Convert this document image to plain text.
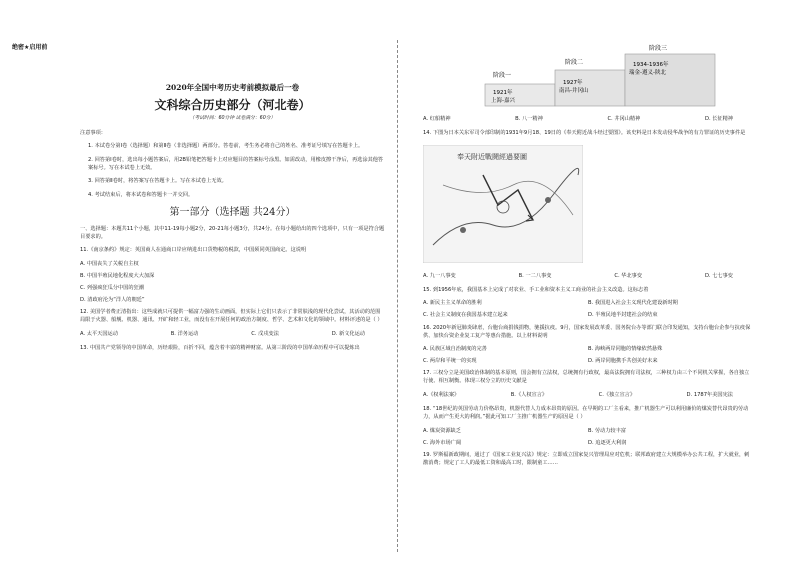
绝密★启用前
2020年全国中考历史考前模拟最后一卷
文科综合历史部分（河北卷）
（考试时间：60分钟 试卷满分：60分）
注意事项：
1. 本试卷分第Ⅰ卷（选择题）和第Ⅱ卷（非选择题）两部分。答卷前，考生务必将自己的姓名、准考证号填写在答题卡上。
2. 回答第Ⅰ卷时，选出每小题答案后，用2B铅笔把答题卡上对应题目的答案标号涂黑。如需改动，用橡皮擦干净后，再选涂其他答案标号。写在本试卷上无效。
3. 回答第Ⅱ卷时，将答案写在答题卡上。写在本试卷上无效。
4. 考试结束后，将本试卷和答题卡一并交回。
第一部分（选择题 共24分）
一、选择题：本题共11个小题，其中11-19每小题2分，20-21每小题3分，共24分。在每小题给出的四个选项中，只有一项是符合题目要求的。
11.《南京条约》规定：英国商人在通商口岸应纳进出口货物税的税款，中国须同英国商定。这说明
A. 中国丧失了关税自主权
B. 中国半殖民地化程度大大加深
C. 列强疯狂瓜分中国的狂潮
D. 清政府沦为“洋人的朝廷”
12. 美国学者费正清指出：这些成就只可提供一幅富力强的生动画面，但实际上它们只表示了非常肤浅的现代化尝试，其活动的范围局限于火器、船舰、机器、通讯、开矿和轻工业，而没有在开展任何的政治方制度、哲学、艺术和文化的领域中。材料评述的是（ ）
A. 太平天国运动	B. 洋务运动	C. 戊戌变法	D. 新文化运动
13. 中国共产党领导的中国革命，历经艰险，百折不回，蕴含着丰富的精神财富。从第三阶段的中国革命历程中可以提炼出
阶段一
阶段二
阶段三
1921年
上海-嘉兴
1927年
南昌-井冈山
1934-1936年
瑞金-遵义-陕北
A. 红船精神	B. 八一精神	C. 井冈山精神	D. 长征精神
14. 下图为日本关东军司令部印制的1931年9月18、19日的《奉天附近战斗经过要图》。该史料是日本发动侵华战争的有力罪证的历史事件是
奉天附近戰鬪經過要圖
A. 九一八事变	B. 一二八事变	C. 华北事变	D. 七七事变
15. 到1956年底，我国基本上完成了对农业、手工业和资本主义工商业的社会主义改造。这标志着
A. 新民主主义革命的胜利	B. 我国进入社会主义现代化建设新时期
C. 社会主义制度在我国基本建立起来	D. 半殖民地半封建社会的结束
16. 2020年新冠肺炎肆虐，台胞台商捐钱捐物，驰援抗疫。9月，国家发展改革委、国务院台办等部门联合印发通知，支持台胞台企参与抗疫保供、加快台资企业复工复产等惠台措施。以上材料说明
A. 民族区域自治制度的完善	B. 海峡两岸同胞的情缘依然悬殊
C. 两岸和平统一的实现	D. 两岸同胞携手共创美好未来
17. 三权分立是美国政治体制的基本原则，国会拥有立法权，总统拥有行政权，最高法院拥有司法权，三种权力由三个不同机关掌握，各自独立行使、相互制衡。体现三权分立的历史文献是
A.《权利法案》	B.《人权宣言》	C.《独立宣言》	D. 1787年美国宪法
18. “18世纪的英国劳动力价格昂贵，机器代替人力成本昂贵的原因。在早期的工厂主看来，推广机器生产可以利用廉价的煤炭替代昂贵的劳动力，从而产生更大的利润。”据此可知工厂主推广机器生产的原因是（ ）
A. 煤炭资源缺乏	B. 劳动力较丰富
C. 海外市场广阔	D. 追逐更大利润
19. 罗斯福新政期间，通过了《国家工业复兴法》规定：立即成立国家复兴管理局应对危机；联邦政府建立大规模举办公共工程，扩大就业，刺激消费；规定了工人的最低工资和最高工时，限制童工……
